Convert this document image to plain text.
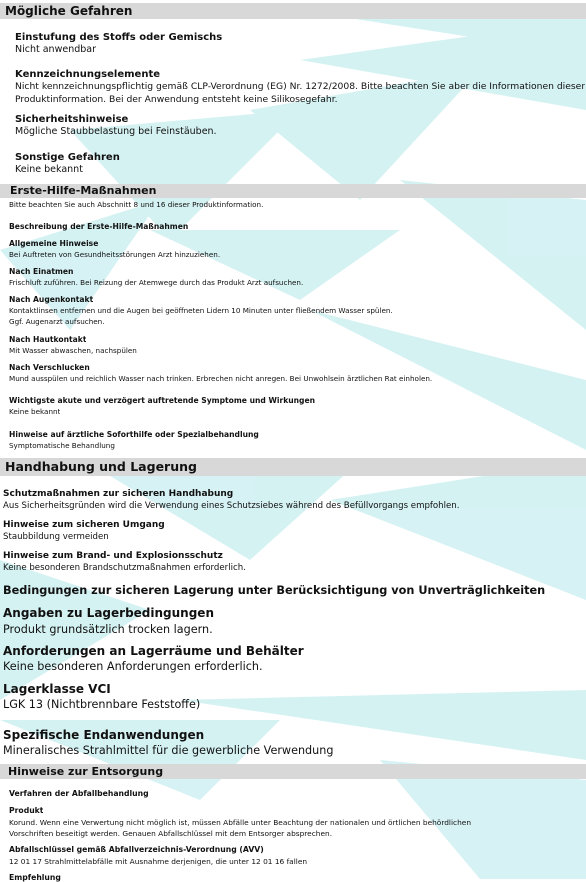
Mögliche Gefahren
Einstufung des Stoffs oder Gemischs
Nicht anwendbar
Kennzeichnungselemente
Nicht kennzeichnungspflichtig gemäß CLP-Verordnung (EG) Nr. 1272/2008. Bitte beachten Sie aber die Informationen dieser
Produktinformation. Bei der Anwendung entsteht keine Silikosegefahr.
Sicherheitshinweise
Mögliche Staubbelastung bei Feinstäuben.
Sonstige Gefahren
Keine bekannt
Erste-Hilfe-Maßnahmen
Bitte beachten Sie auch Abschnitt 8 und 16 dieser Produktinformation.
Beschreibung der Erste-Hilfe-Maßnahmen
Allgemeine Hinweise
Bei Auftreten von Gesundheitsstörungen Arzt hinzuziehen.
Nach Einatmen
Frischluft zuführen. Bei Reizung der Atemwege durch das Produkt Arzt aufsuchen.
Nach Augenkontakt
Kontaktlinsen entfernen und die Augen bei geöffneten Lidern 10 Minuten unter fließendem Wasser spülen.
Ggf. Augenarzt aufsuchen.
Nach Hautkontakt
Mit Wasser abwaschen, nachspülen
Nach Verschlucken
Mund ausspülen und reichlich Wasser nach trinken. Erbrechen nicht anregen. Bei Unwohlsein ärztlichen Rat einholen.
Wichtigste akute und verzögert auftretende Symptome und Wirkungen
Keine bekannt
Hinweise auf ärztliche Soforthilfe oder Spezialbehandlung
Symptomatische Behandlung
Handhabung und Lagerung
Schutzmaßnahmen zur sicheren Handhabung
Aus Sicherheitsgründen wird die Verwendung eines Schutzsiebes während des Befüllvorgangs empfohlen.
Hinweise zum sicheren Umgang
Staubbildung vermeiden
Hinweise zum Brand- und Explosionsschutz
Keine besonderen Brandschutzmaßnahmen erforderlich.
Bedingungen zur sicheren Lagerung unter Berücksichtigung von Unverträglichkeiten
Angaben zu Lagerbedingungen
Produkt grundsätzlich trocken lagern.
Anforderungen an Lagerräume und Behälter
Keine besonderen Anforderungen erforderlich.
Lagerklasse VCI
LGK 13 (Nichtbrennbare Feststoffe)
Spezifische Endanwendungen
Mineralisches Strahlmittel für die gewerbliche Verwendung
Hinweise zur Entsorgung
Verfahren der Abfallbehandlung
Produkt
Korund. Wenn eine Verwertung nicht möglich ist, müssen Abfälle unter Beachtung der nationalen und örtlichen behördlichen
Vorschriften beseitigt werden. Genauen Abfallschlüssel mit dem Entsorger absprechen.
Abfallschlüssel gemäß Abfallverzeichnis-Verordnung (AVV)
12 01 17 Strahlmittelabfälle mit Ausnahme derjenigen, die unter 12 01 16 fallen
Empfehlung
